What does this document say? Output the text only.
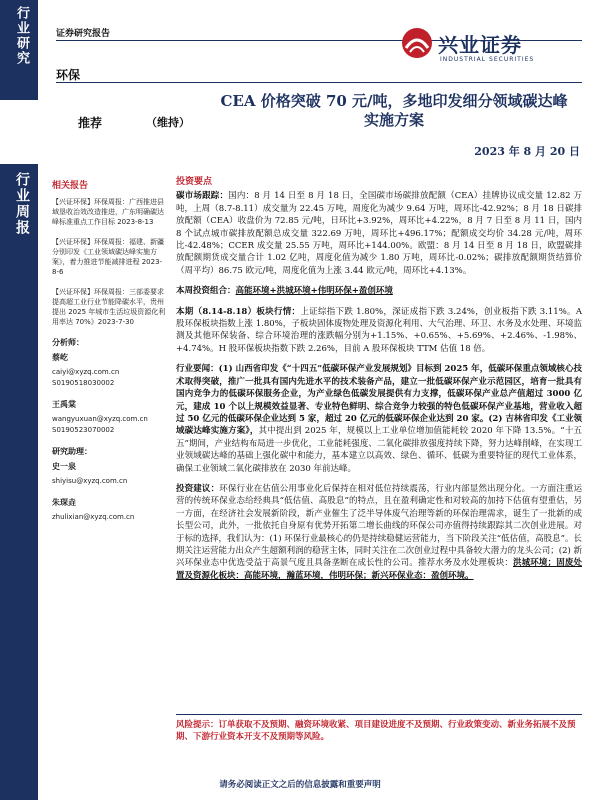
行业研究
行业周报
证券研究报告
环保
兴业证券
INDUSTRIAL SECURITIES
推荐	（维持）
CEA 价格突破 70 元/吨，多地印发细分领域碳达峰
实施方案
2023 年 8 月 20 日
相关报告
【兴证环保】环保周报：广西推进县域垦收治效改造推进，广东明确碳达峰标准重点工作目标 2023-8-13
【兴证环保】环保周报：福建、新疆分别印发《工业领域碳达峰实施方案》，着力推进节能减排进程 2023-8-6
【兴证环保】环保周报：三部委要求提高超工业行业节能降碳水平，贵州提出 2025 年城市生活垃圾资源化利用率达 70%》2023-7-30
分析师：
蔡屹
caiyi@xyzq.com.cn
S0190518030002
王禹棠
wangyuxuan@xyzq.com.cn
S0190523070002
研究助理：
史一泉
shiyisu@xyzq.com.cn
朱琛垚
zhulixian@xyzq.com.cn
投资要点
碳市场跟踪：国内：8 月 14 日至 8 月 18 日，全国碳市场碳排放配额（CEA）挂牌协议成交量 12.82 万吨，上周（8.7-8.11）成交量为 22.45 万吨，周度化为减少 9.64 万吨，周环比-42.92%；8 月 18 日碳排放配额（CEA）收盘价为 72.85 元/吨，日环比+3.92%，周环比+4.22%，8 月 7 日至 8 月 11 日，国内 8 个试点城市碳排放配额总成交量 322.69 万吨，周环比+496.17%；配额成交均价 34.28 元/吨，周环比-42.48%；CCER 成交量 25.55 万吨，周环比+144.00%。欧盟：8 月 14 日至 8 月 18 日，欧盟碳排放配额期货成交量合计 1.02 亿吨，周度化值为减少 1.80 万吨，周环比-0.02%；碳排放配额期货结算价（周平均）86.75 欧元/吨，周度化值为上涨 3.44 欧元/吨，周环比+4.13%。
本周投资组合：高能环境+洪城环境+伟明环保+盈创环境
本期（8.14-8.18）板块行情：上证综指下跌 1.80%，深证成指下跌 3.24%，创业板指下跌 3.11%。A 股环保板块指数上涨 1.80%，子板块固体废物处理及资源化利用、大气治理、环卫、水务及水处理、环境监测及其他环保装备、综合环境治理的涨跌幅分别为+1.15%、+0.65%、+5.69%、+2.46%、-1.98%、+4.74%。H 股环保板块指数下跌 2.26%，目前 A 股环保板块 TTM 估值 18 倍。
行业要闻：(1) 山西省印发《“十四五”低碳环保产业发展规划》目标到 2025 年，低碳环保重点领域核心技术取得突破，推广一批具有国内先进水平的技术装备产品，建立一批低碳环保产业示范园区，培育一批具有国内竞争力的低碳环保服务企业，为产业绿色低碳发展提供有力支撑，低碳环保产业总产值超过 3000 亿元，建成 10 个以上规模效益显著、专业特色鲜明、综合竞争力较强的特色低碳环保产业基地，营业收入超过 50 亿元的低碳环保企业达到 5 家，超过 20 亿元的低碳环保企业达到 20 家。(2) 吉林省印发《工业领域碳达峰实施方案》，其中提出到 2025 年，规模以上工业单位增加值能耗较 2020 年下降 13.5%。“十五五”期间，产业结构布局进一步优化，工业能耗强度、二氧化碳排放强度持续下降，努力达峰削峰，在实现工业领域碳达峰的基础上强化碳中和能力，基本建立以高效、绿色、循环、低碳为重要特征的现代工业体系，确保工业领域二氧化碳排放在 2030 年前达峰。
投资建议：环保行业在估值公用事业化后保持在相对低位持续震荡，行业内部显然出现分化。一方面注重运营的传统环保业态给经典具“低估值、高股息”的特点，且在盈利确定性和对较高的加持下估值有望重估，另一方面，在经济社会发展新阶段，新产业催生了泛半导体废气治理等新的环保治理需求，诞生了一批新的成长型公司，此外，一批依托自身原有优势开拓第二增长曲线的环保公司亦值得持续跟踪其二次创业进展。对于标的选择，我们认为：(1) 环保行业最核心的仍是持续稳健运营能力，当下阶段关注“低估值，高股息”。长期关注运营能力出众产生超额利润的稳营主体，同时关注在二次创业过程中具备较大潜力的龙头公司；(2) 新兴环保业态中优选受益于高景气度且具备垄断在成长性的公司。推荐水务及水处理板块：洪城环境；固废处置及资源化板块：高能环境，瀚蓝环境，伟明环保；新兴环保业态：盈创环境。
风险提示：订单获取不及预期、融资环境收紧、项目建设进度不及预期、行业政策变动、新业务拓展不及预期、下游行业资本开支不及预期等风险。
请务必阅读正文之后的信息披露和重要声明
